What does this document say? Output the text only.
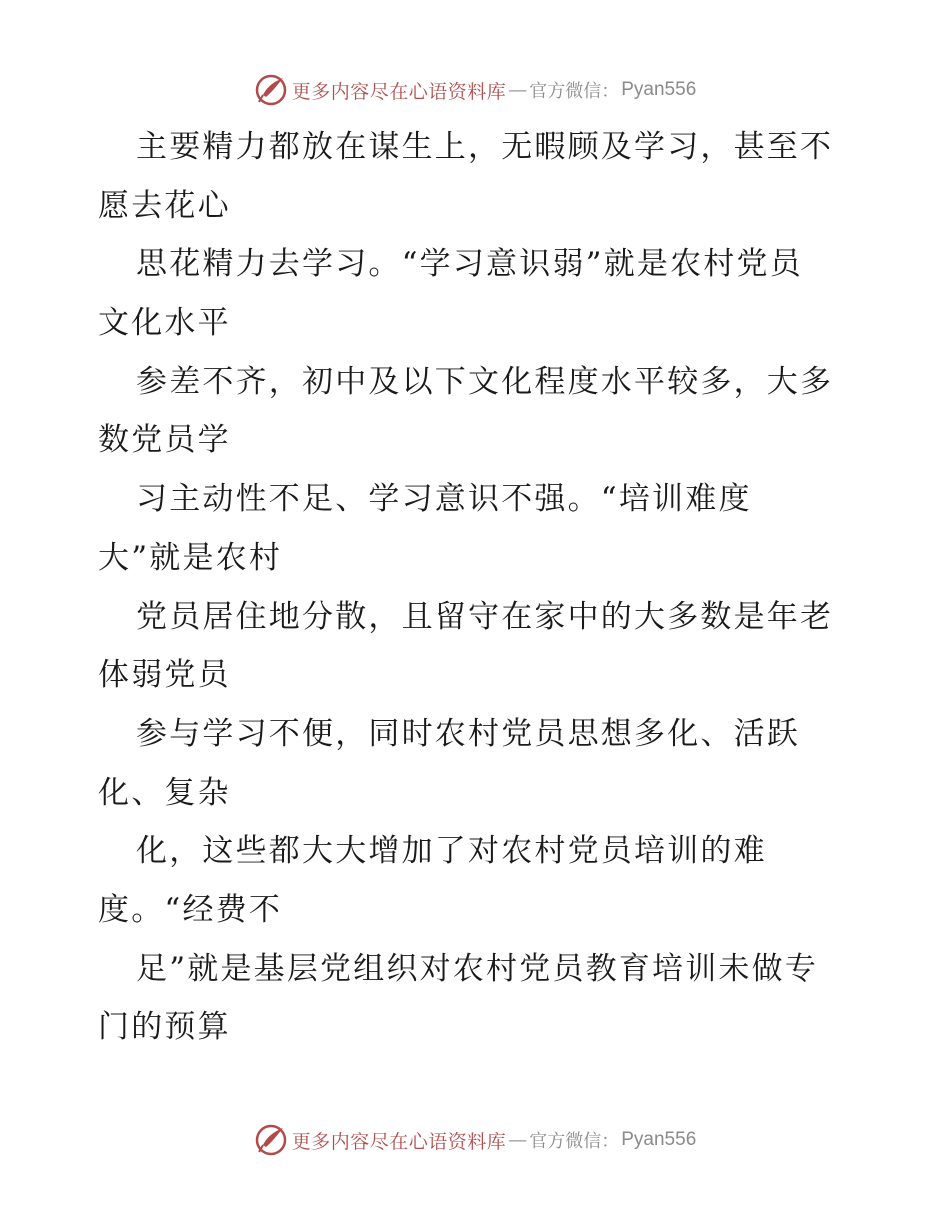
更多内容尽在心语资料库 — 官方微信： Pyan556
主要精力都放在谋生上，无暇顾及学习，甚至不
愿去花心
思花精力去学习。“学习意识弱”就是农村党员
文化水平
参差不齐，初中及以下文化程度水平较多，大多
数党员学
习主动性不足、学习意识不强。“培训难度
大”就是农村
党员居住地分散，且留守在家中的大多数是年老
体弱党员
参与学习不便，同时农村党员思想多化、活跃
化、复杂
化，这些都大大增加了对农村党员培训的难
度。“经费不
足”就是基层党组织对农村党员教育培训未做专
门的预算
更多内容尽在心语资料库 — 官方微信： Pyan556
